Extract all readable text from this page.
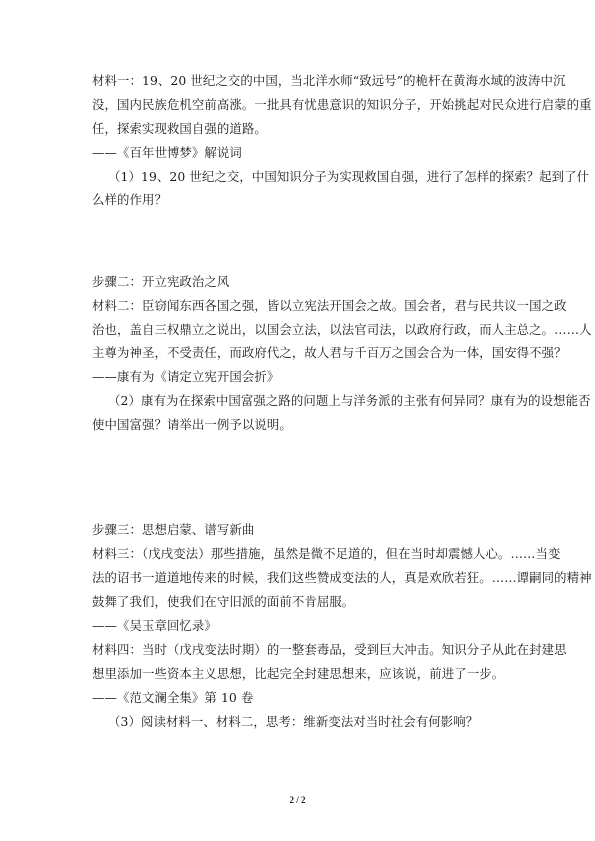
材料一：19、20 世纪之交的中国，当北洋水师“致远号”的桅杆在黄海水域的波涛中沉
没，国内民族危机空前高涨。一批具有忧患意识的知识分子，开始挑起对民众进行启蒙的重
任，探索实现救国自强的道路。
——《百年世博梦》解说词
（1）19、20 世纪之交，中国知识分子为实现救国自强，进行了怎样的探索？起到了什
么样的作用？
步骤二：开立宪政治之风
材料二：臣窃闻东西各国之强，皆以立宪法开国会之故。国会者，君与民共议一国之政
治也，盖自三权鼎立之说出，以国会立法，以法官司法，以政府行政，而人主总之。……人
主尊为神圣，不受责任，而政府代之，故人君与千百万之国会合为一体，国安得不强？
——康有为《请定立宪开国会折》
（2）康有为在探索中国富强之路的问题上与洋务派的主张有何异同？康有为的设想能否
使中国富强？请举出一例予以说明。
步骤三：思想启蒙、谱写新曲
材料三：（戊戌变法）那些措施，虽然是微不足道的，但在当时却震憾人心。……当变
法的诏书一道道地传来的时候，我们这些赞成变法的人，真是欢欣若狂。……谭嗣同的精神
鼓舞了我们，使我们在守旧派的面前不肯屈服。
——《吴玉章回忆录》
材料四：当时（戊戌变法时期）的一整套毒品，受到巨大冲击。知识分子从此在封建思
想里添加一些资本主义思想，比起完全封建思想来，应该说，前进了一步。
——《范文澜全集》第 10 卷
（3）阅读材料一、材料二，思考：维新变法对当时社会有何影响？
2 / 2
